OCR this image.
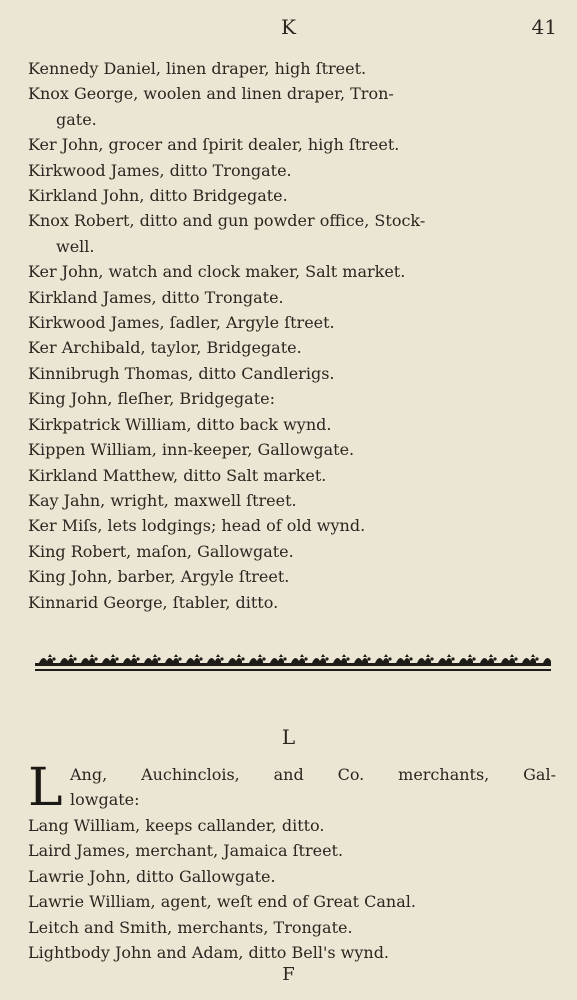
K	41
Kennedy Daniel, linen draper, high ſtreet.
Knox George, woolen and linen draper, Tron-
gate.
Ker John, grocer and ſpirit dealer, high ſtreet.
Kirkwood James, ditto Trongate.
Kirkland John, ditto Bridgegate.
Knox Robert, ditto and gun powder office, Stock-
well.
Ker John, watch and clock maker, Salt market.
Kirkland James, ditto Trongate.
Kirkwood James, ſadler, Argyle ſtreet.
Ker Archibald, taylor, Bridgegate.
Kinnibrugh Thomas, ditto Candlerigs.
King John, fleſher, Bridgegate:
Kirkpatrick William, ditto back wynd.
Kippen William, inn-keeper, Gallowgate.
Kirkland Matthew, ditto Salt market.
Kay Jahn, wright, maxwell ſtreet.
Ker Miſs, lets lodgings; head of old wynd.
King Robert, maſon, Gallowgate.
King John, barber, Argyle ſtreet.
Kinnarid George, ſtabler, ditto.
L
L Ang, Auchinclois, and Co. merchants, Gal-
lowgate:
Lang William, keeps callander, ditto.
Laird James, merchant, Jamaica ſtreet.
Lawrie John, ditto Gallowgate.
Lawrie William, agent, weſt end of Great Canal.
Leitch and Smith, merchants, Trongate.
Lightbody John and Adam, ditto Bell's wynd.
F
